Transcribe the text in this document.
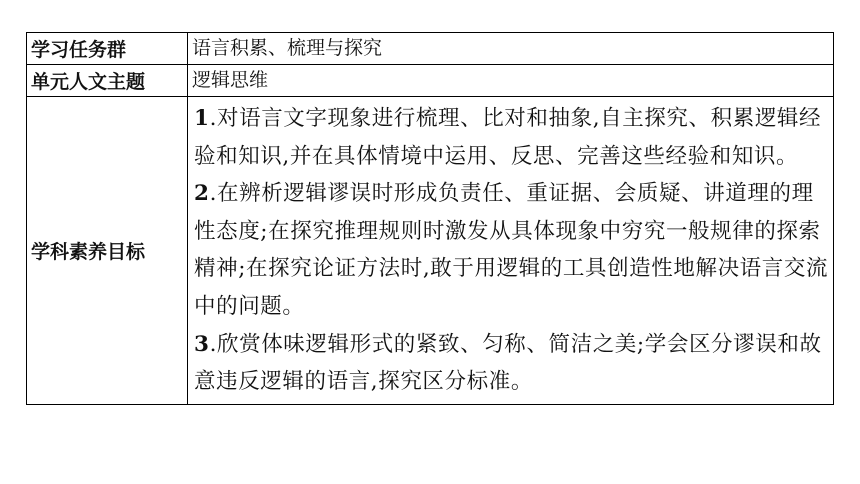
学习任务群	语言积累、梳理与探究
单元人文主题	逻辑思维
学科素养目标	1.对语言文字现象进行梳理、比对和抽象,自主探究、积累逻辑经验和知识,并在具体情境中运用、反思、完善这些经验和知识。

2.在辨析逻辑谬误时形成负责任、重证据、会质疑、讲道理的理性态度;在探究推理规则时激发从具体现象中穷究一般规律的探索精神;在探究论证方法时,敢于用逻辑的工具创造性地解决语言交流中的问题。

3.欣赏体味逻辑形式的紧致、匀称、简洁之美;学会区分谬误和故意违反逻辑的语言,探究区分标准。
